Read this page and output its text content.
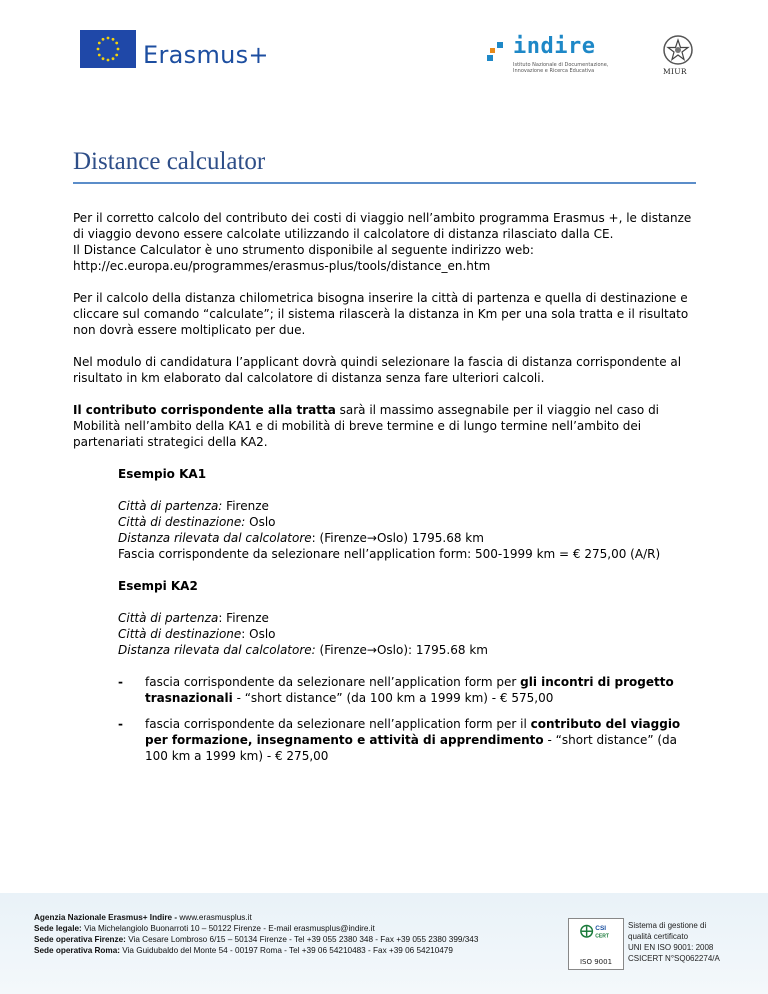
Erasmus+	indire
Istituto Nazionale di Documentazione, Innovazione e Ricerca Educativa	MIUR
Distance calculator

Per il corretto calcolo del contributo dei costi di viaggio nell’ambito programma Erasmus +, le distanze di viaggio devono essere calcolate utilizzando il calcolatore di distanza rilasciato dalla CE.
Il Distance Calculator è uno strumento disponibile al seguente indirizzo web:
http://ec.europa.eu/programmes/erasmus-plus/tools/distance_en.htm

Per il calcolo della distanza chilometrica bisogna inserire la città di partenza e quella di destinazione e cliccare sul comando “calculate”; il sistema rilascerà la distanza in Km per una sola tratta e il risultato non dovrà essere moltiplicato per due.

Nel modulo di candidatura l’applicant dovrà quindi selezionare la fascia di distanza corrispondente al risultato in km elaborato dal calcolatore di distanza senza fare ulteriori calcoli.

Il contributo corrispondente alla tratta sarà il massimo assegnabile per il viaggio nel caso di Mobilità nell’ambito della KA1 e di mobilità di breve termine e di lungo termine nell’ambito dei partenariati strategici della KA2.

Esempio KA1

Città di partenza: Firenze
Città di destinazione: Oslo
Distanza rilevata dal calcolatore: (Firenze→Oslo) 1795.68 km
Fascia corrispondente da selezionare nell’application form: 500-1999 km = € 275,00 (A/R)

Esempi KA2

Città di partenza: Firenze
Città di destinazione: Oslo
Distanza rilevata dal calcolatore: (Firenze→Oslo): 1795.68 km

- fascia corrispondente da selezionare nell’application form per gli incontri di progetto trasnazionali - “short distance” (da 100 km a 1999 km) - € 575,00
- fascia corrispondente da selezionare nell’application form per il contributo del viaggio per formazione, insegnamento e attività di apprendimento - “short distance” (da 100 km a 1999 km) - € 275,00
Agenzia Nazionale Erasmus+ Indire - www.erasmusplus.it
Sede legale: Via Michelangiolo Buonarroti 10 – 50122 Firenze - E-mail erasmusplus@indire.it
Sede operativa Firenze: Via Cesare Lombroso 6/15 – 50134 Firenze - Tel +39 055 2380 348 - Fax +39 055 2380 399/343
Sede operativa Roma: Via Guidubaldo del Monte 54 - 00197 Roma - Tel +39 06 54210483 - Fax +39 06 54210479
CSI
CERT
ISO 9001
Sistema di gestione di
qualità certificato
UNI EN ISO 9001: 2008
CSICERT N°SQ062274/A
